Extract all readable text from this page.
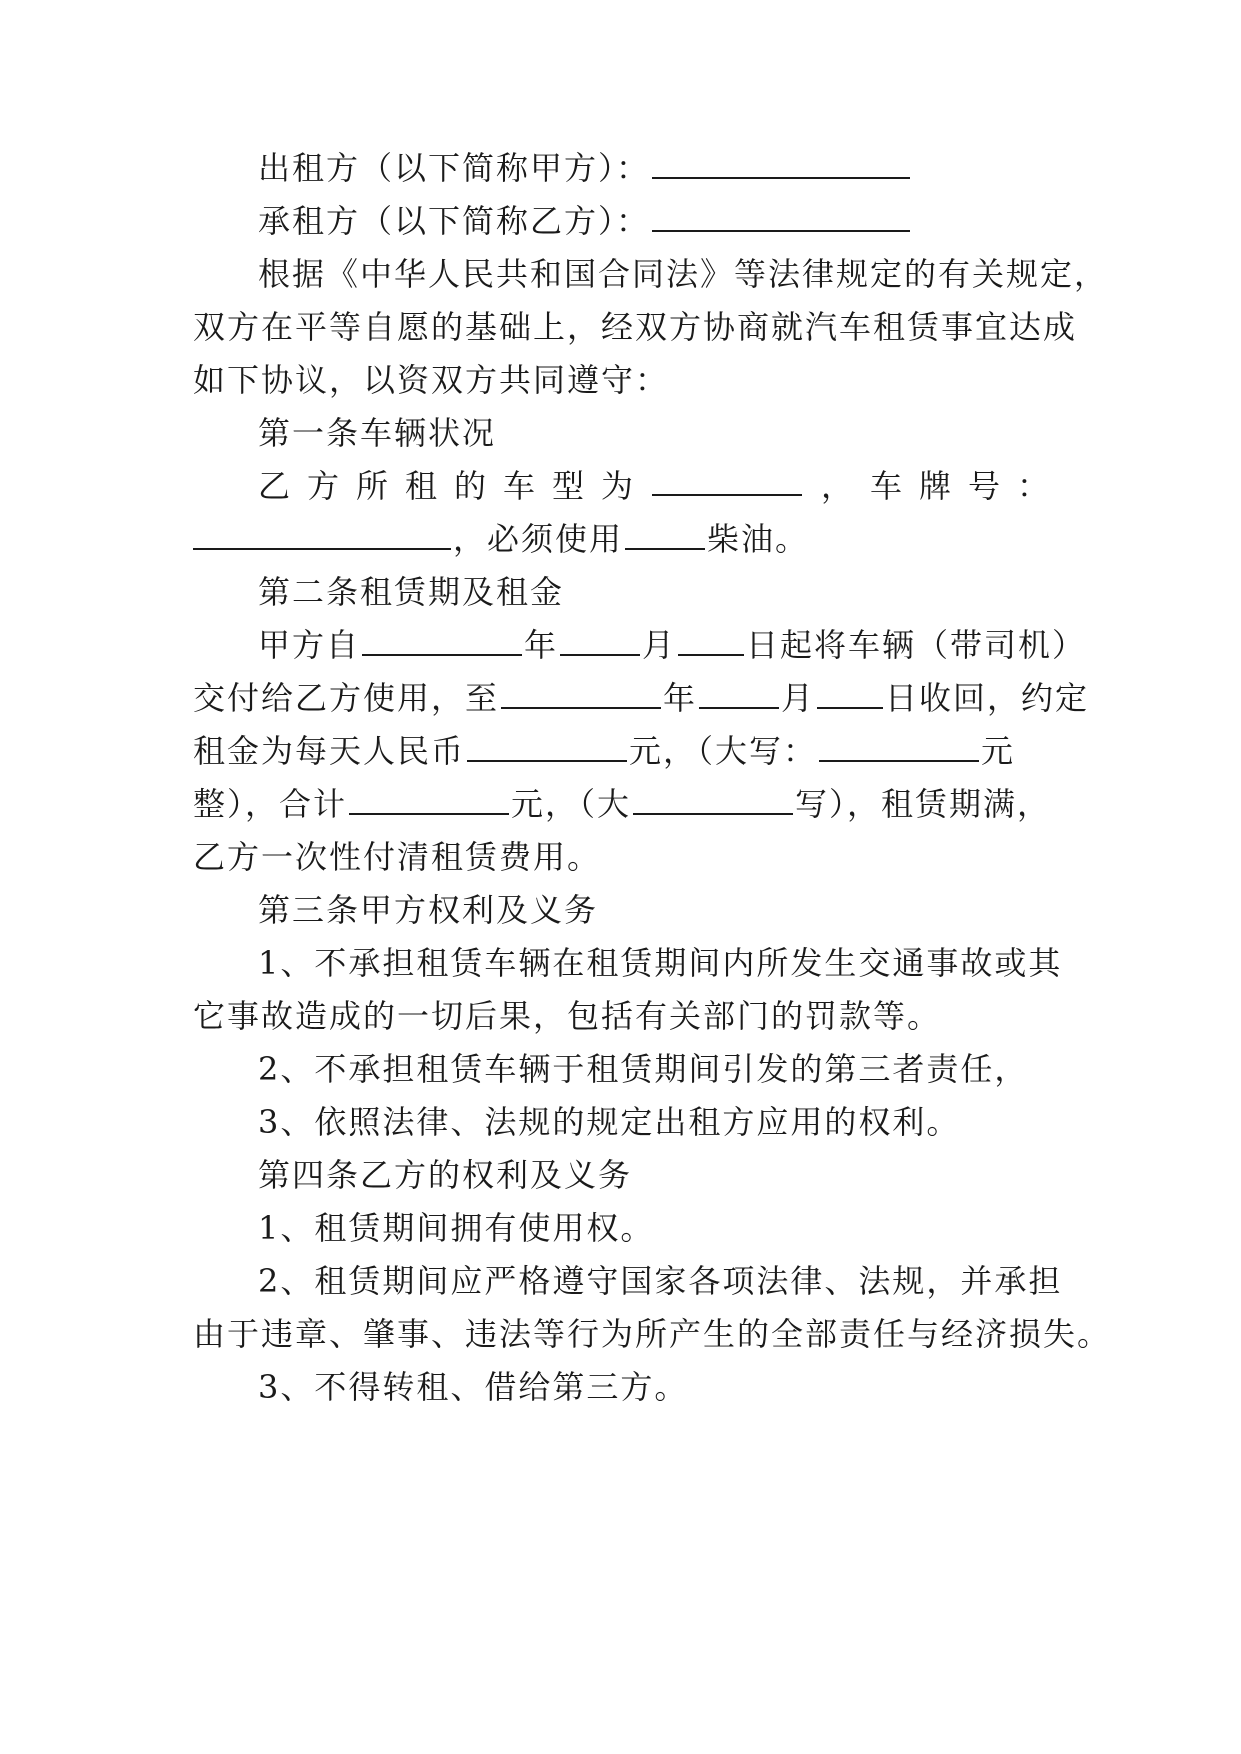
出租方（以下简称甲方）：
承租方（以下简称乙方）：
根据《中华人民共和国合同法》等法律规定的有关规定，
双方在平等自愿的基础上，经双方协商就汽车租赁事宜达成
如下协议，以资双方共同遵守：
第一条车辆状况
乙 方 所 租 的 车 型 为	， 车 牌 号 ：
，必须使用	柴油。
第二条租赁期及租金
甲方自	年	月 日起将车辆（带司机）
交付给乙方使用，至	年	月 日收回，约定
租金为每天人民币	元，（大写：	元
整），合计	元，（大	写），租赁期满，
乙方一次性付清租赁费用。
第三条甲方权利及义务
1、不承担租赁车辆在租赁期间内所发生交通事故或其
它事故造成的一切后果，包括有关部门的罚款等。
2、不承担租赁车辆于租赁期间引发的第三者责任，
3、依照法律、法规的规定出租方应用的权利。
第四条乙方的权利及义务
1、租赁期间拥有使用权。
2、租赁期间应严格遵守国家各项法律、法规，并承担
由于违章、肇事、违法等行为所产生的全部责任与经济损失。
3、不得转租、借给第三方。
